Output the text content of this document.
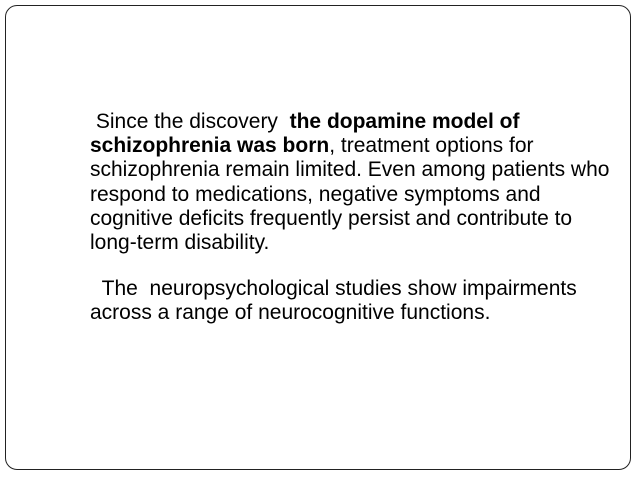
Since the discovery  the dopamine model of schizophrenia was born, treatment options for schizophrenia remain limited. Even among patients who respond to medications, negative symptoms and cognitive deficits frequently persist and contribute to long-term disability.

The  neuropsychological studies show impairments across a range of neurocognitive functions.
